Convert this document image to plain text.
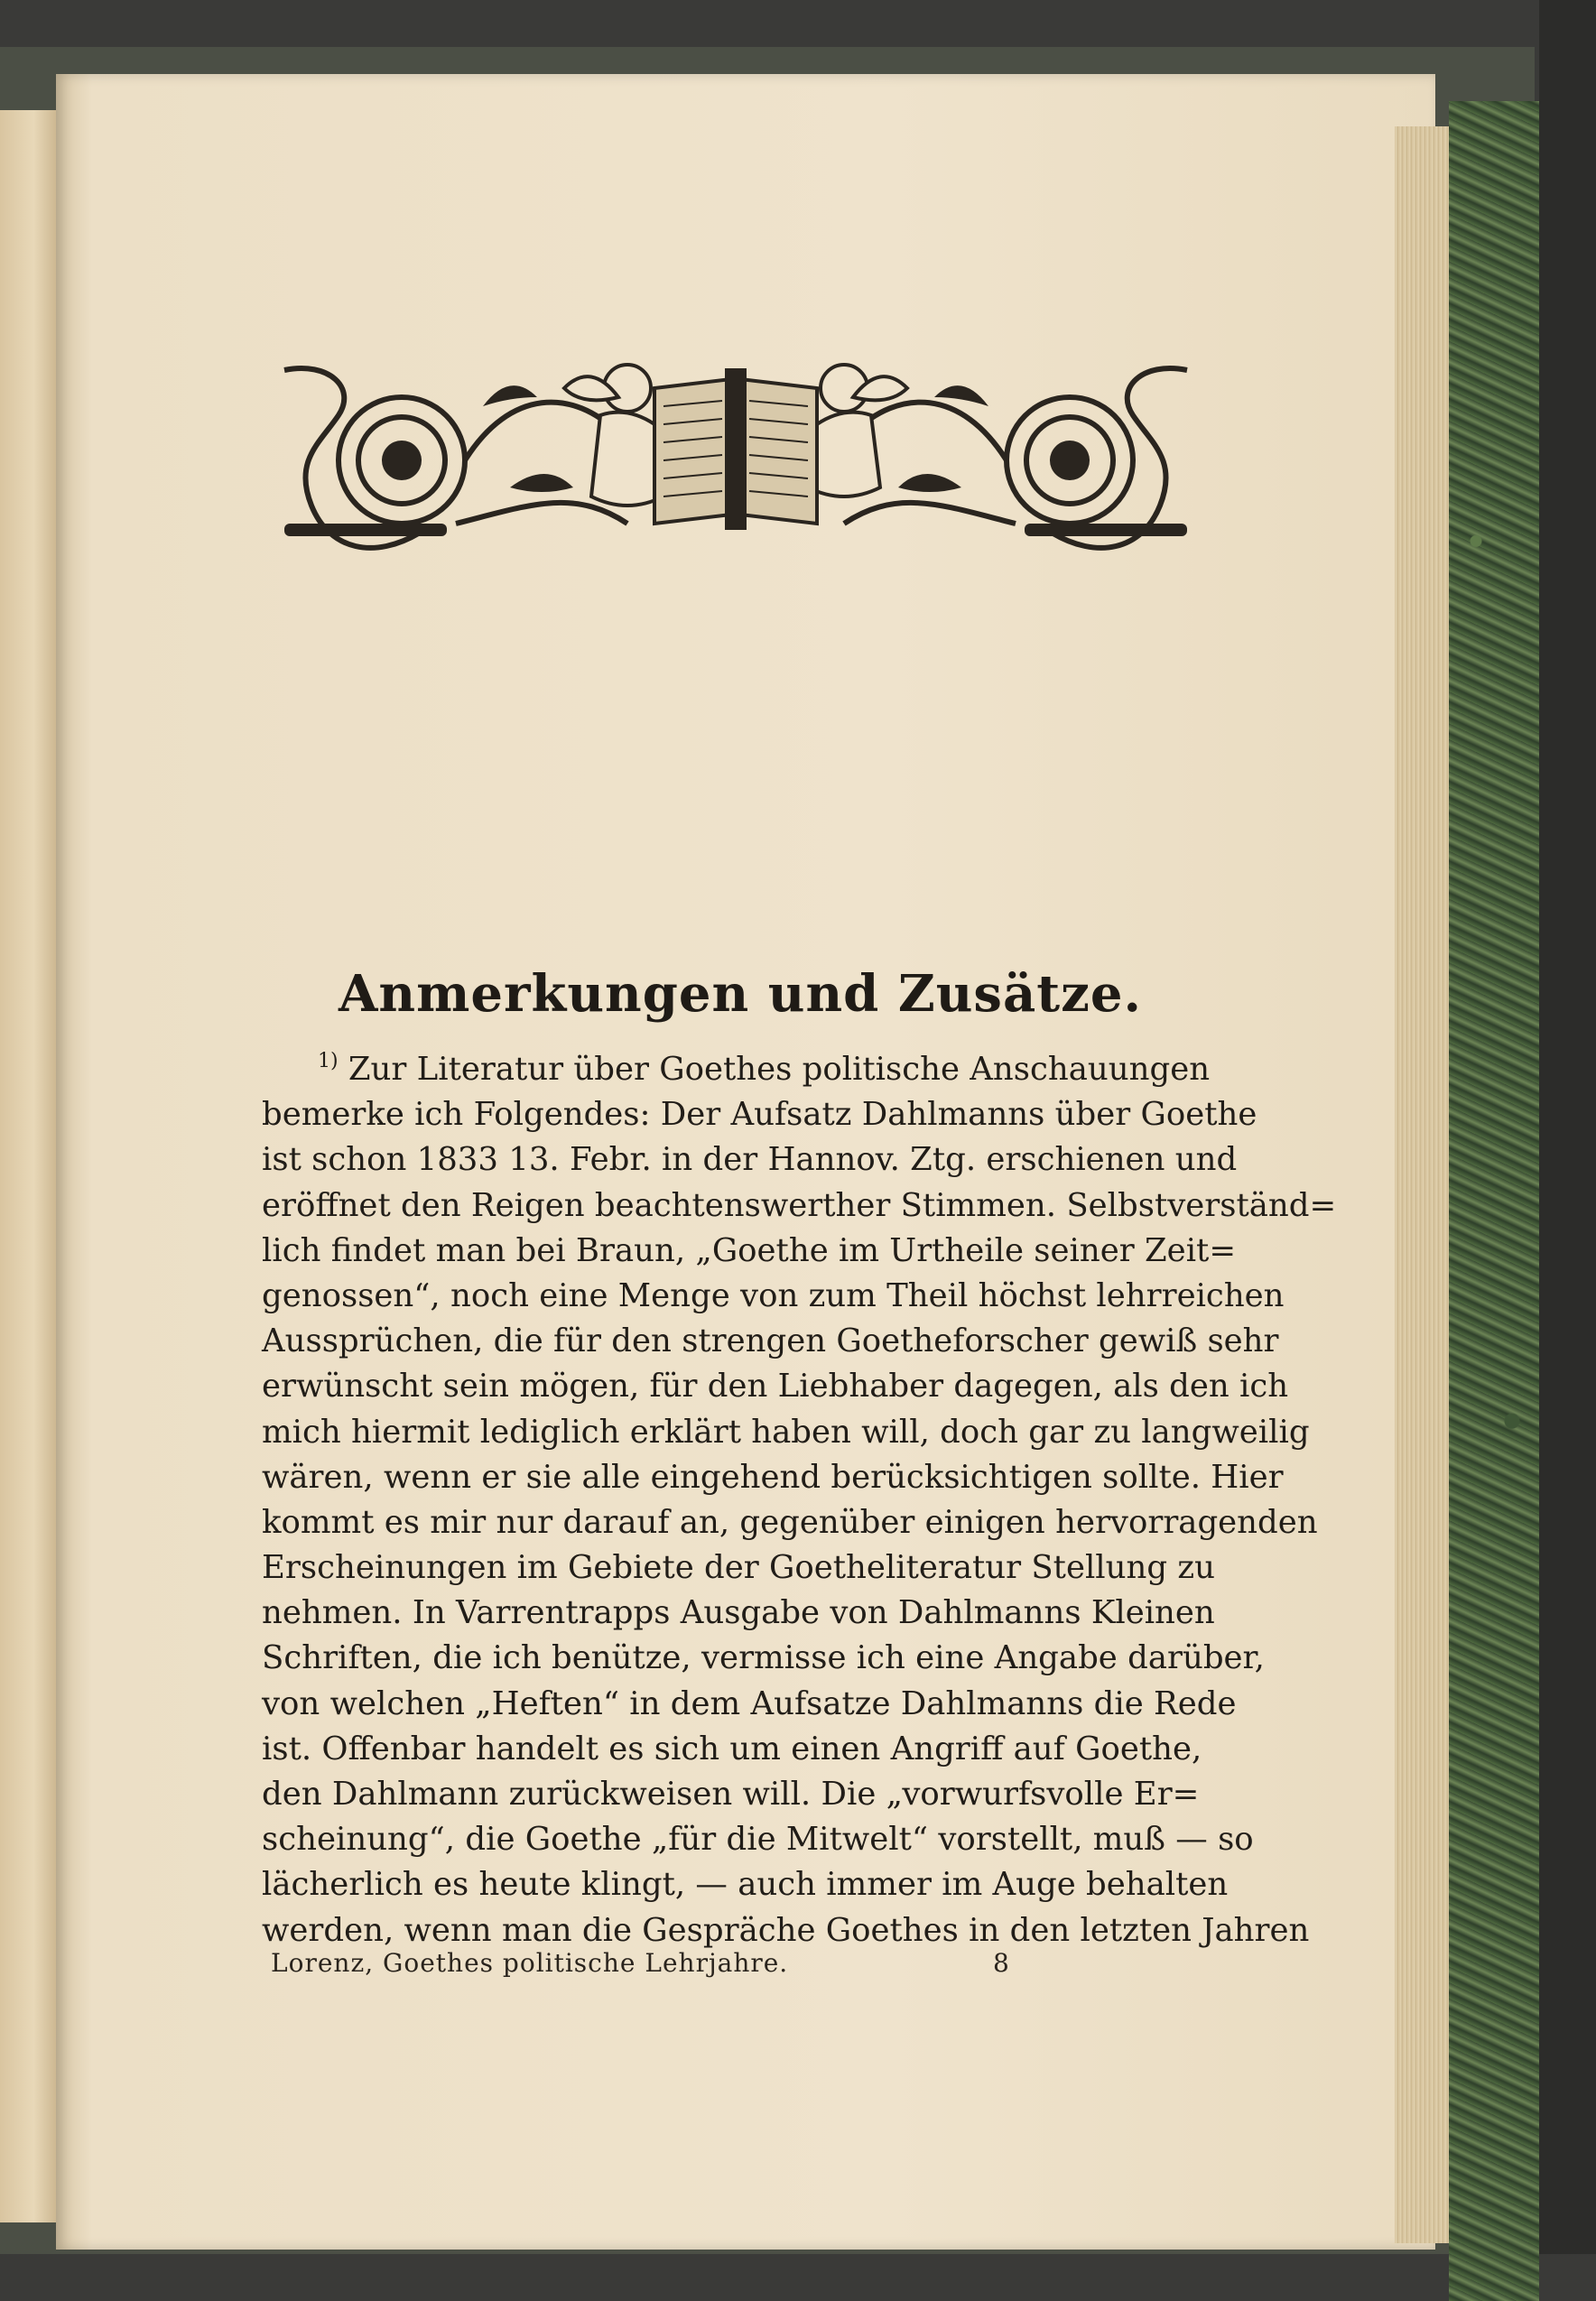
Anmerkungen und Zusätze.
$^{1)}$ Zur Literatur über Goethes politische Anschauungen
bemerke ich Folgendes: Der Aufsatz Dahlmanns über Goethe
ist schon 1833 13. Febr. in der Hannov. Ztg. erschienen und
eröffnet den Reigen beachtenswerther Stimmen. Selbstverständ=
lich findet man bei Braun, „Goethe im Urtheile seiner Zeit=
genossen“, noch eine Menge von zum Theil höchst lehrreichen
Aussprüchen, die für den strengen Goetheforscher gewiß sehr
erwünscht sein mögen, für den Liebhaber dagegen, als den ich
mich hiermit lediglich erklärt haben will, doch gar zu langweilig
wären, wenn er sie alle eingehend berücksichtigen sollte. Hier
kommt es mir nur darauf an, gegenüber einigen hervorragenden
Erscheinungen im Gebiete der Goetheliteratur Stellung zu
nehmen. In Varrentrapps Ausgabe von Dahlmanns Kleinen
Schriften, die ich benütze, vermisse ich eine Angabe darüber,
von welchen „Heften“ in dem Aufsatze Dahlmanns die Rede
ist. Offenbar handelt es sich um einen Angriff auf Goethe,
den Dahlmann zurückweisen will. Die „vorwurfsvolle Er=
scheinung“, die Goethe „für die Mitwelt“ vorstellt, muß — so
lächerlich es heute klingt, — auch immer im Auge behalten
werden, wenn man die Gespräche Goethes in den letzten Jahren
Lorenz, Goethes politische Lehrjahre.	8
